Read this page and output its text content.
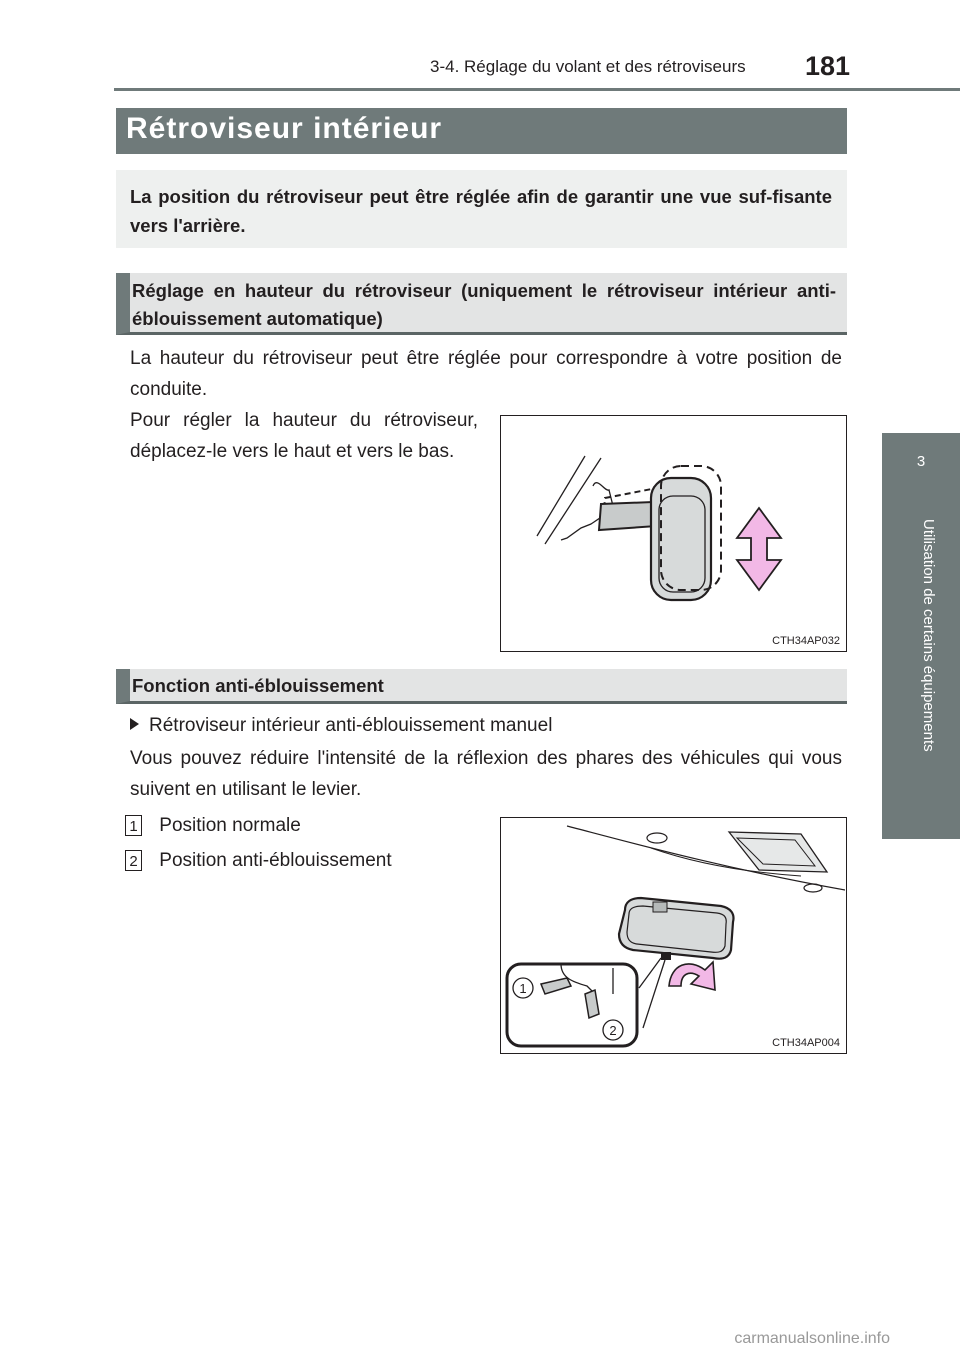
3-4. Réglage du volant et des rétroviseurs 181
3
Utilisation de certains équipements
Rétroviseur intérieur

La position du rétroviseur peut être réglée afin de garantir une vue suf-fisante vers l'arrière.

Réglage en hauteur du rétroviseur (uniquement le rétroviseur intérieur anti-éblouissement automatique)

La hauteur du rétroviseur peut être réglée pour correspondre à votre position de conduite.

Pour régler la hauteur du rétroviseur, déplacez-le vers le haut et vers le bas.

CTH34AP032

Fonction anti-éblouissement

Rétroviseur intérieur anti-éblouissement manuel

Vous pouvez réduire l'intensité de la réflexion des phares des véhicules qui vous suivent en utilisant le levier.

1 Position normale
2 Position anti-éblouissement
1
2
CTH34AP004
carmanualsonline.info
